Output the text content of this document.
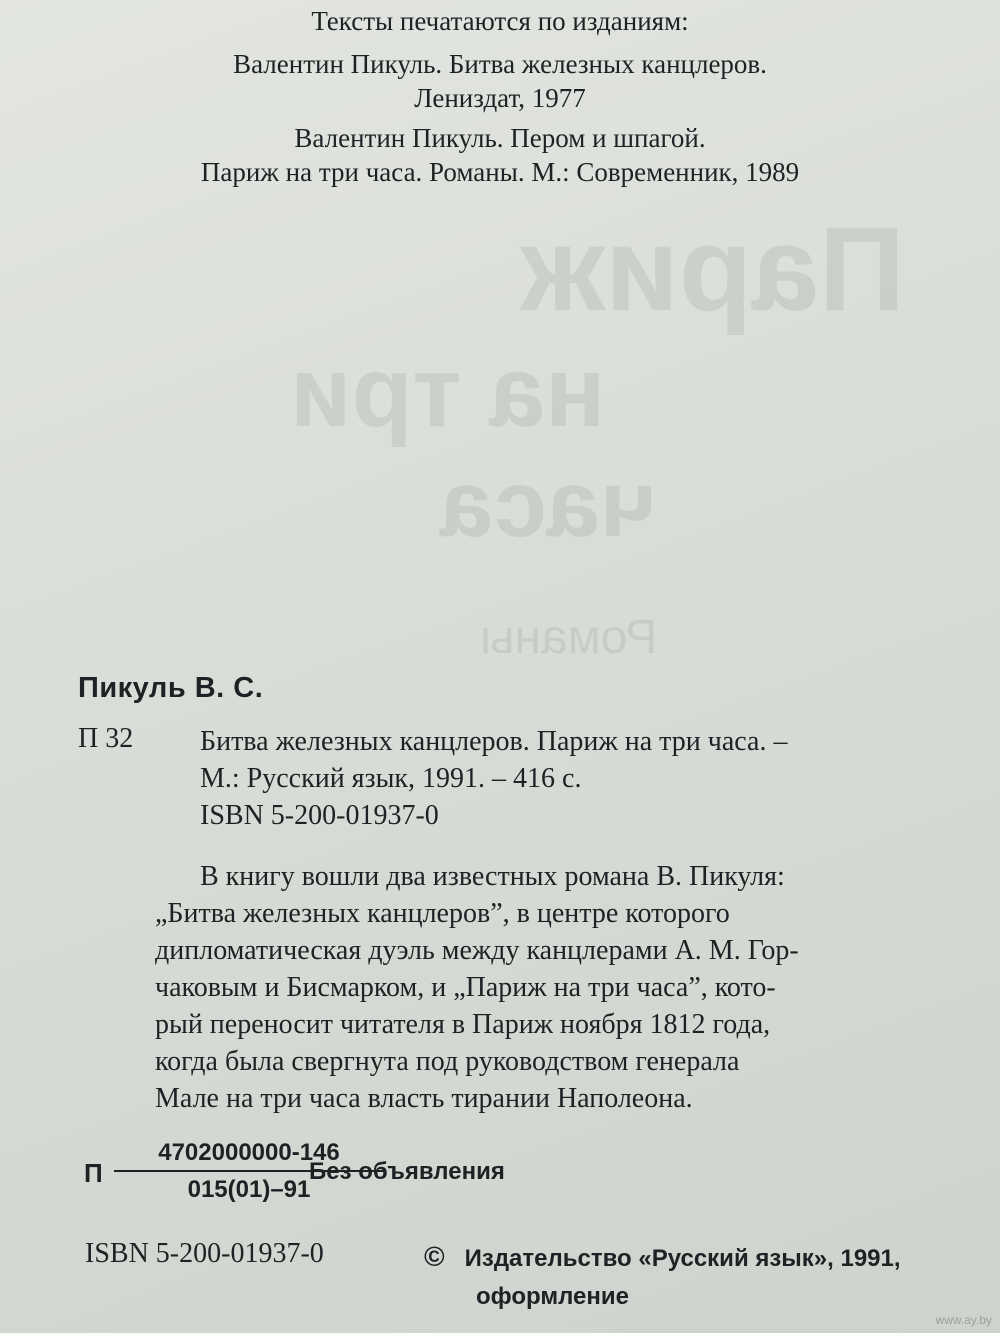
Париж
на три
часа
Романы
Тексты печатаются по изданиям:
Валентин Пикуль. Битва железных канцлеров.
Лениздат, 1977
Валентин Пикуль. Пером и шпагой.
Париж на три часа. Романы. М.: Современник, 1989
Пикуль В. С.
П 32 Битва железных канцлеров. Париж на три часа. –
М.: Русский язык, 1991. – 416 с.
ISBN 5-200-01937-0
В книгу вошли два известных романа В. Пикуля:
„Битва железных канцлеров”, в центре которого
дипломатическая дуэль между канцлерами А. М. Гор-
чаковым и Бисмарком, и „Париж на три часа”, кото-
рый переносит читателя в Париж ноября 1812 года,
когда была свергнута под руководством генерала
Мале на три часа власть тирании Наполеона.
П $\frac{4702000000-146}{015(01)-91}$
Без объявления
ISBN 5-200-01937-0	© Издательство «Русский язык», 1991,
оформление
www.ay.by
